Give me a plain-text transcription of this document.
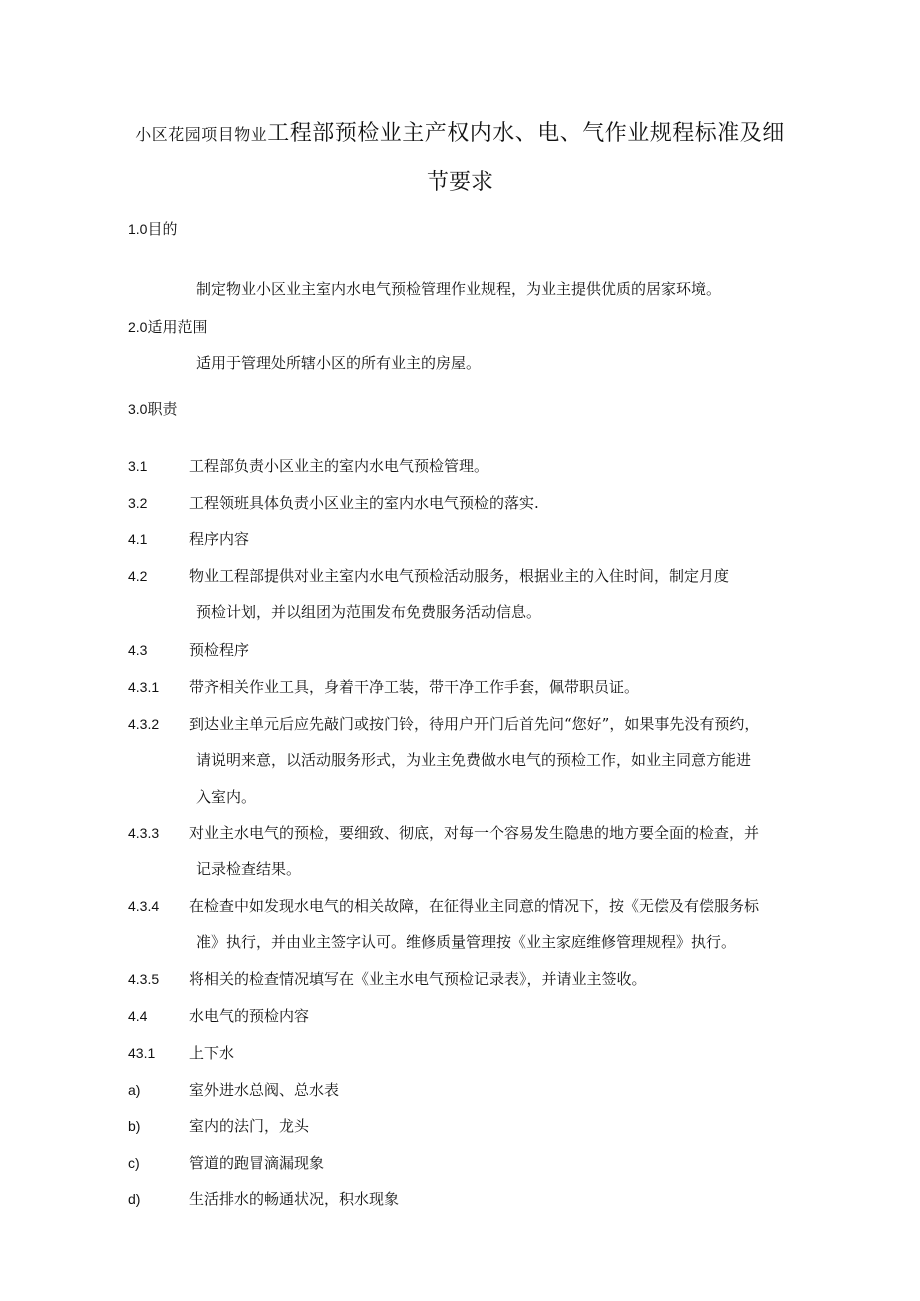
小区花园项目物业工程部预检业主产权内水、电、气作业规程标准及细
节要求
1.0目的
制定物业小区业主室内水电气预检管理作业规程，为业主提供优质的居家环境。
2.0适用范围
适用于管理处所辖小区的所有业主的房屋。
3.0职责
3.1	工程部负责小区业主的室内水电气预检管理。
3.2	工程领班具体负责小区业主的室内水电气预检的落实.
4.1	程序内容
4.2	物业工程部提供对业主室内水电气预检活动服务，根据业主的入住时间，制定月度
预检计划，并以组团为范围发布免费服务活动信息。
4.3	预检程序
4.3.1 带齐相关作业工具，身着干净工装，带干净工作手套，佩带职员证。
4.3.2 到达业主单元后应先敲门或按门铃，待用户开门后首先问“您好”，如果事先没有预约，
请说明来意，以活动服务形式，为业主免费做水电气的预检工作，如业主同意方能进
入室内。
4.3.3 对业主水电气的预检，要细致、彻底，对每一个容易发生隐患的地方要全面的检查，并
记录检查结果。
4.3.4 在检查中如发现水电气的相关故障，在征得业主同意的情况下，按《无偿及有偿服务标
准》执行，并由业主签字认可。维修质量管理按《业主家庭维修管理规程》执行。
4.3.5 将相关的检查情况填写在《业主水电气预检记录表》，并请业主签收。
4.4	水电气的预检内容
43.1 上下水
a)	室外进水总阀、总水表
b)	室内的法门，龙头
c)	管道的跑冒滴漏现象
d)	生活排水的畅通状况，积水现象
